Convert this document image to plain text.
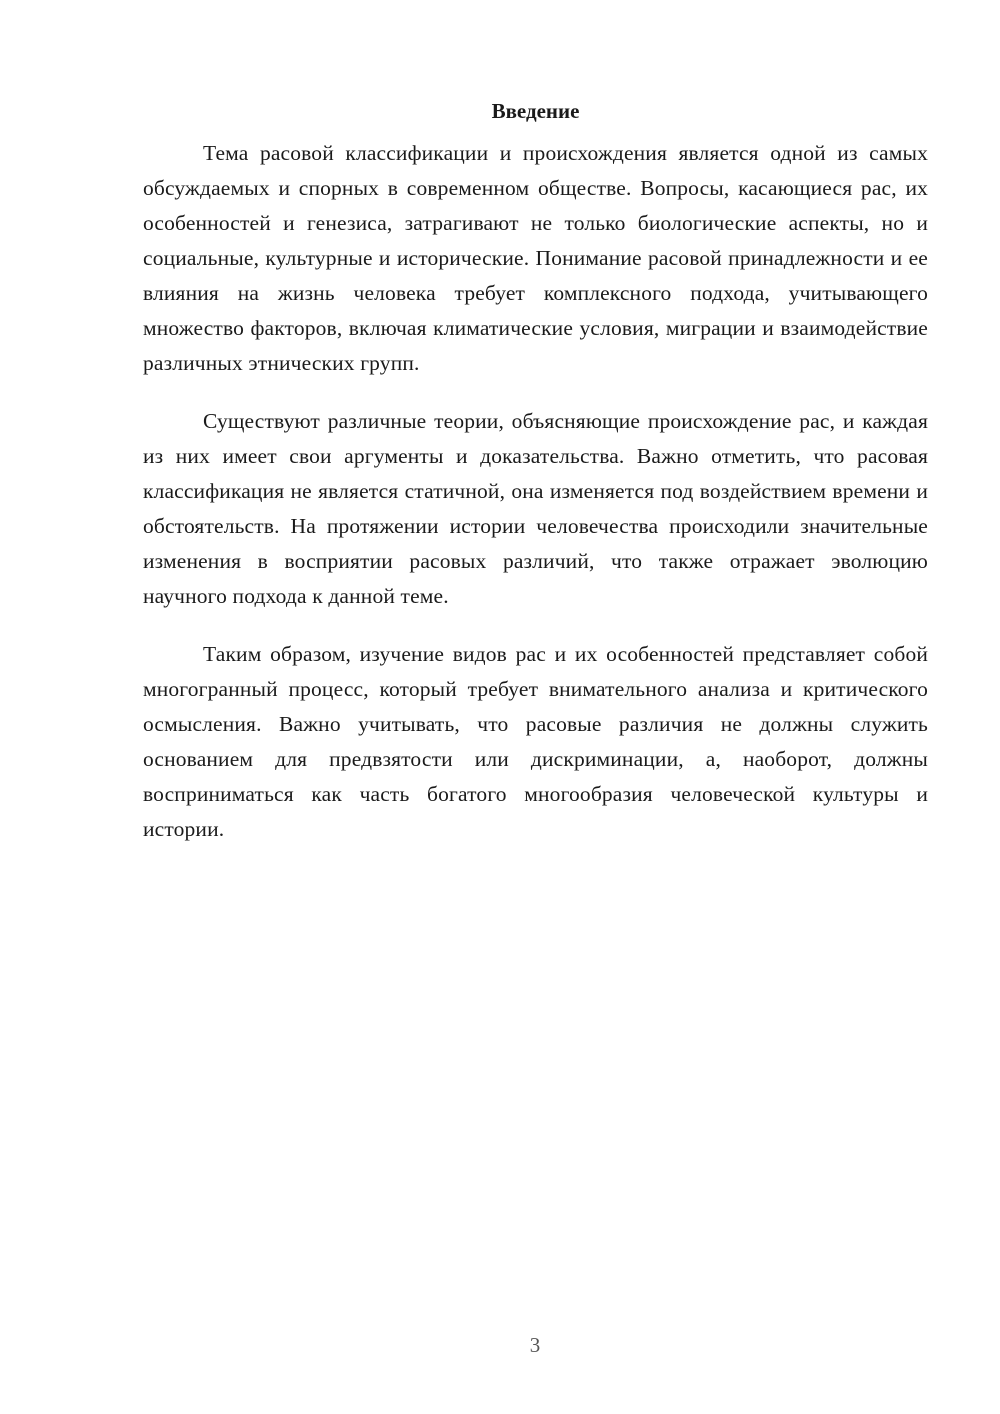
Введение

Тема расовой классификации и происхождения является одной из самых обсуждаемых и спорных в современном обществе. Вопросы, касающиеся рас, их особенностей и генезиса, затрагивают не только биологические аспекты, но и социальные, культурные и исторические. Понимание расовой принадлежности и ее влияния на жизнь человека требует комплексного подхода, учитывающего множество факторов, включая климатические условия, миграции и взаимодействие различных этнических групп.

Существуют различные теории, объясняющие происхождение рас, и каждая из них имеет свои аргументы и доказательства. Важно отметить, что расовая классификация не является статичной, она изменяется под воздействием времени и обстоятельств. На протяжении истории человечества происходили значительные изменения в восприятии расовых различий, что также отражает эволюцию научного подхода к данной теме.

Таким образом, изучение видов рас и их особенностей представляет собой многогранный процесс, который требует внимательного анализа и критического осмысления. Важно учитывать, что расовые различия не должны служить основанием для предвзятости или дискриминации, а, наоборот, должны восприниматься как часть богатого многообразия человеческой культуры и истории.

3
